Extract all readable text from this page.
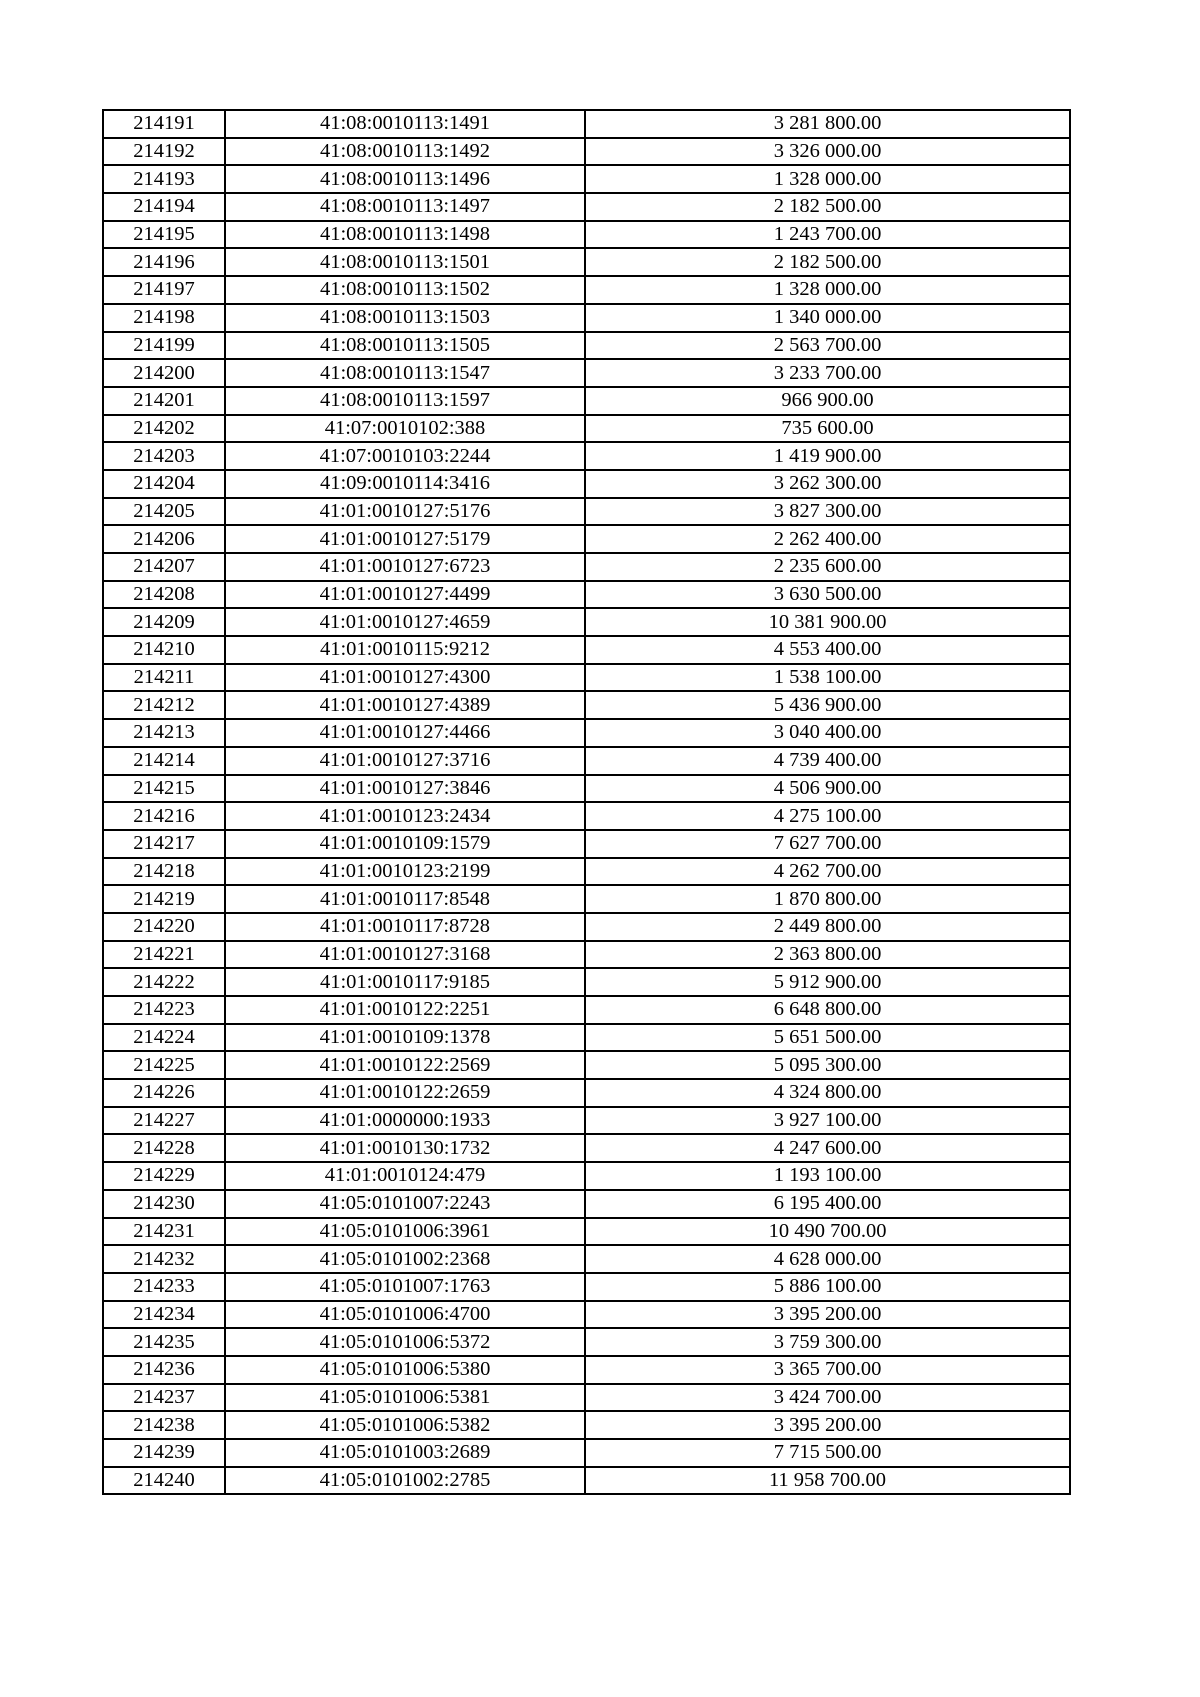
214191	41:08:0010113:1491	3 281 800.00
214192	41:08:0010113:1492	3 326 000.00
214193	41:08:0010113:1496	1 328 000.00
214194	41:08:0010113:1497	2 182 500.00
214195	41:08:0010113:1498	1 243 700.00
214196	41:08:0010113:1501	2 182 500.00
214197	41:08:0010113:1502	1 328 000.00
214198	41:08:0010113:1503	1 340 000.00
214199	41:08:0010113:1505	2 563 700.00
214200	41:08:0010113:1547	3 233 700.00
214201	41:08:0010113:1597	966 900.00
214202	41:07:0010102:388	735 600.00
214203	41:07:0010103:2244	1 419 900.00
214204	41:09:0010114:3416	3 262 300.00
214205	41:01:0010127:5176	3 827 300.00
214206	41:01:0010127:5179	2 262 400.00
214207	41:01:0010127:6723	2 235 600.00
214208	41:01:0010127:4499	3 630 500.00
214209	41:01:0010127:4659	10 381 900.00
214210	41:01:0010115:9212	4 553 400.00
214211	41:01:0010127:4300	1 538 100.00
214212	41:01:0010127:4389	5 436 900.00
214213	41:01:0010127:4466	3 040 400.00
214214	41:01:0010127:3716	4 739 400.00
214215	41:01:0010127:3846	4 506 900.00
214216	41:01:0010123:2434	4 275 100.00
214217	41:01:0010109:1579	7 627 700.00
214218	41:01:0010123:2199	4 262 700.00
214219	41:01:0010117:8548	1 870 800.00
214220	41:01:0010117:8728	2 449 800.00
214221	41:01:0010127:3168	2 363 800.00
214222	41:01:0010117:9185	5 912 900.00
214223	41:01:0010122:2251	6 648 800.00
214224	41:01:0010109:1378	5 651 500.00
214225	41:01:0010122:2569	5 095 300.00
214226	41:01:0010122:2659	4 324 800.00
214227	41:01:0000000:1933	3 927 100.00
214228	41:01:0010130:1732	4 247 600.00
214229	41:01:0010124:479	1 193 100.00
214230	41:05:0101007:2243	6 195 400.00
214231	41:05:0101006:3961	10 490 700.00
214232	41:05:0101002:2368	4 628 000.00
214233	41:05:0101007:1763	5 886 100.00
214234	41:05:0101006:4700	3 395 200.00
214235	41:05:0101006:5372	3 759 300.00
214236	41:05:0101006:5380	3 365 700.00
214237	41:05:0101006:5381	3 424 700.00
214238	41:05:0101006:5382	3 395 200.00
214239	41:05:0101003:2689	7 715 500.00
214240	41:05:0101002:2785	11 958 700.00
